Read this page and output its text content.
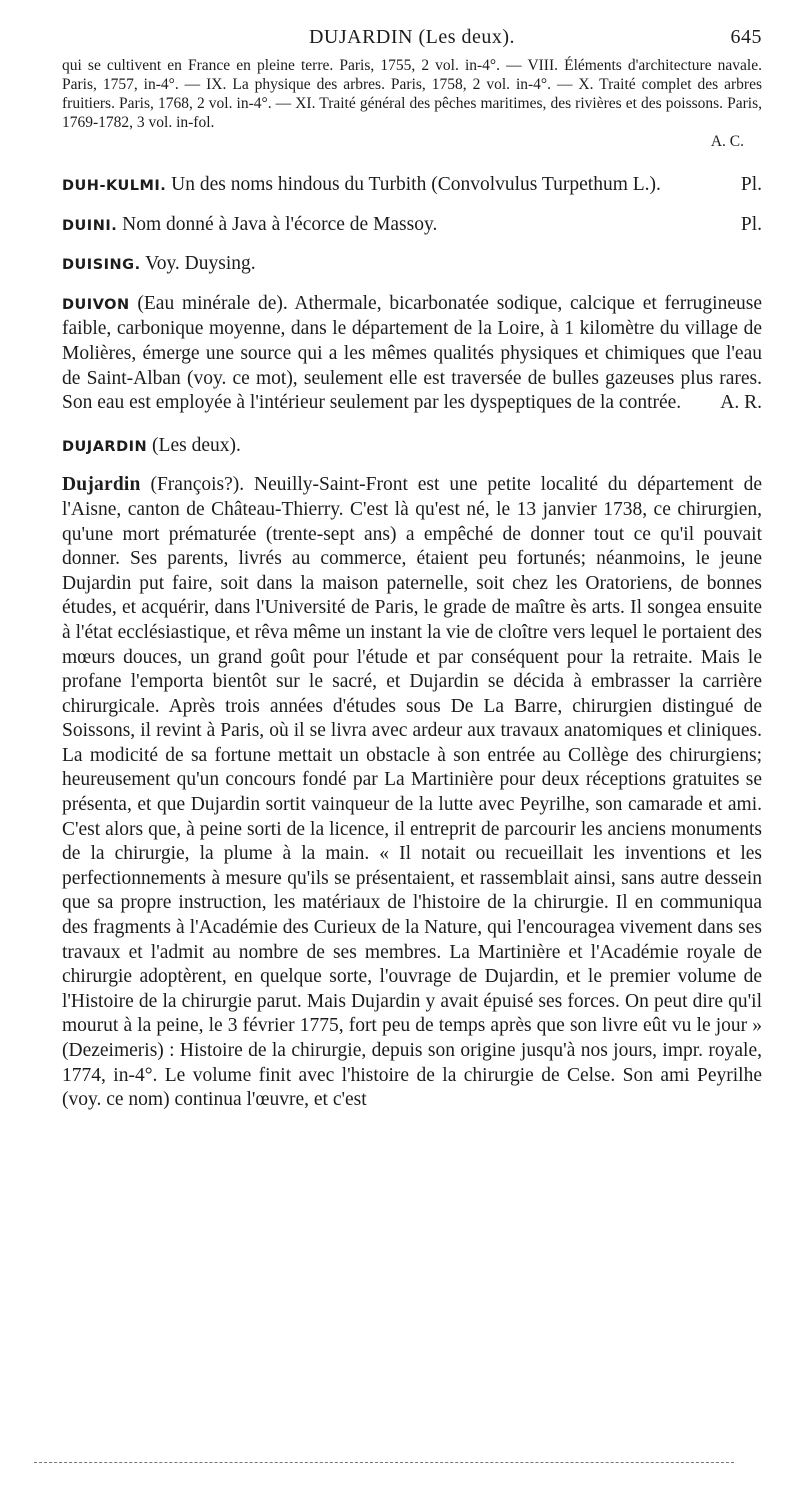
DUJARDIN (Les deux).	645

qui se cultivent en France en pleine terre. Paris, 1755, 2 vol. in-4°. — VIII. Éléments d'architecture navale. Paris, 1757, in-4°. — IX. La physique des arbres. Paris, 1758, 2 vol. in-4°. — X. Traité complet des arbres fruitiers. Paris, 1768, 2 vol. in-4°. — XI. Traité général des pêches maritimes, des rivières et des poissons. Paris, 1769-1782, 3 vol. in-fol.

A. C.

DUH-KULMI. Un des noms hindous du Turbith (Convolvulus Turpethum L.).	Pl.

DUINI. Nom donné à Java à l'écorce de Massoy.	Pl.

DUISING. Voy. Duysing.

DUIVON (Eau minérale de). Athermale, bicarbonatée sodique, calcique et ferrugineuse faible, carbonique moyenne, dans le département de la Loire, à 1 kilomètre du village de Molières, émerge une source qui a les mêmes qualités physiques et chimiques que l'eau de Saint-Alban (voy. ce mot), seulement elle est traversée de bulles gazeuses plus rares. Son eau est employée à l'intérieur seulement par les dyspeptiques de la contrée. A. R.

DUJARDIN (Les deux).

Dujardin (François?). Neuilly-Saint-Front est une petite localité du département de l'Aisne, canton de Château-Thierry. C'est là qu'est né, le 13 janvier 1738, ce chirurgien, qu'une mort prématurée (trente-sept ans) a empêché de donner tout ce qu'il pouvait donner. Ses parents, livrés au commerce, étaient peu fortunés; néanmoins, le jeune Dujardin put faire, soit dans la maison paternelle, soit chez les Oratoriens, de bonnes études, et acquérir, dans l'Université de Paris, le grade de maître ès arts. Il songea ensuite à l'état ecclésiastique, et rêva même un instant la vie de cloître vers lequel le portaient des mœurs douces, un grand goût pour l'étude et par conséquent pour la retraite. Mais le profane l'emporta bientôt sur le sacré, et Dujardin se décida à embrasser la carrière chirurgicale. Après trois années d'études sous De La Barre, chirurgien distingué de Soissons, il revint à Paris, où il se livra avec ardeur aux travaux anatomiques et cliniques. La modicité de sa fortune mettait un obstacle à son entrée au Collège des chirurgiens; heureusement qu'un concours fondé par La Martinière pour deux réceptions gratuites se présenta, et que Dujardin sortit vainqueur de la lutte avec Peyrilhe, son camarade et ami. C'est alors que, à peine sorti de la licence, il entreprit de parcourir les anciens monuments de la chirurgie, la plume à la main. « Il notait ou recueillait les inventions et les perfectionnements à mesure qu'ils se présentaient, et rassemblait ainsi, sans autre dessein que sa propre instruction, les matériaux de l'histoire de la chirurgie. Il en communiqua des fragments à l'Académie des Curieux de la Nature, qui l'encouragea vivement dans ses travaux et l'admit au nombre de ses membres. La Martinière et l'Académie royale de chirurgie adoptèrent, en quelque sorte, l'ouvrage de Dujardin, et le premier volume de l'Histoire de la chirurgie parut. Mais Dujardin y avait épuisé ses forces. On peut dire qu'il mourut à la peine, le 3 février 1775, fort peu de temps après que son livre eût vu le jour » (Dezeimeris) : Histoire de la chirurgie, depuis son origine jusqu'à nos jours, impr. royale, 1774, in-4°. Le volume finit avec l'histoire de la chirurgie de Celse. Son ami Peyrilhe (voy. ce nom) continua l'œuvre, et c'est
